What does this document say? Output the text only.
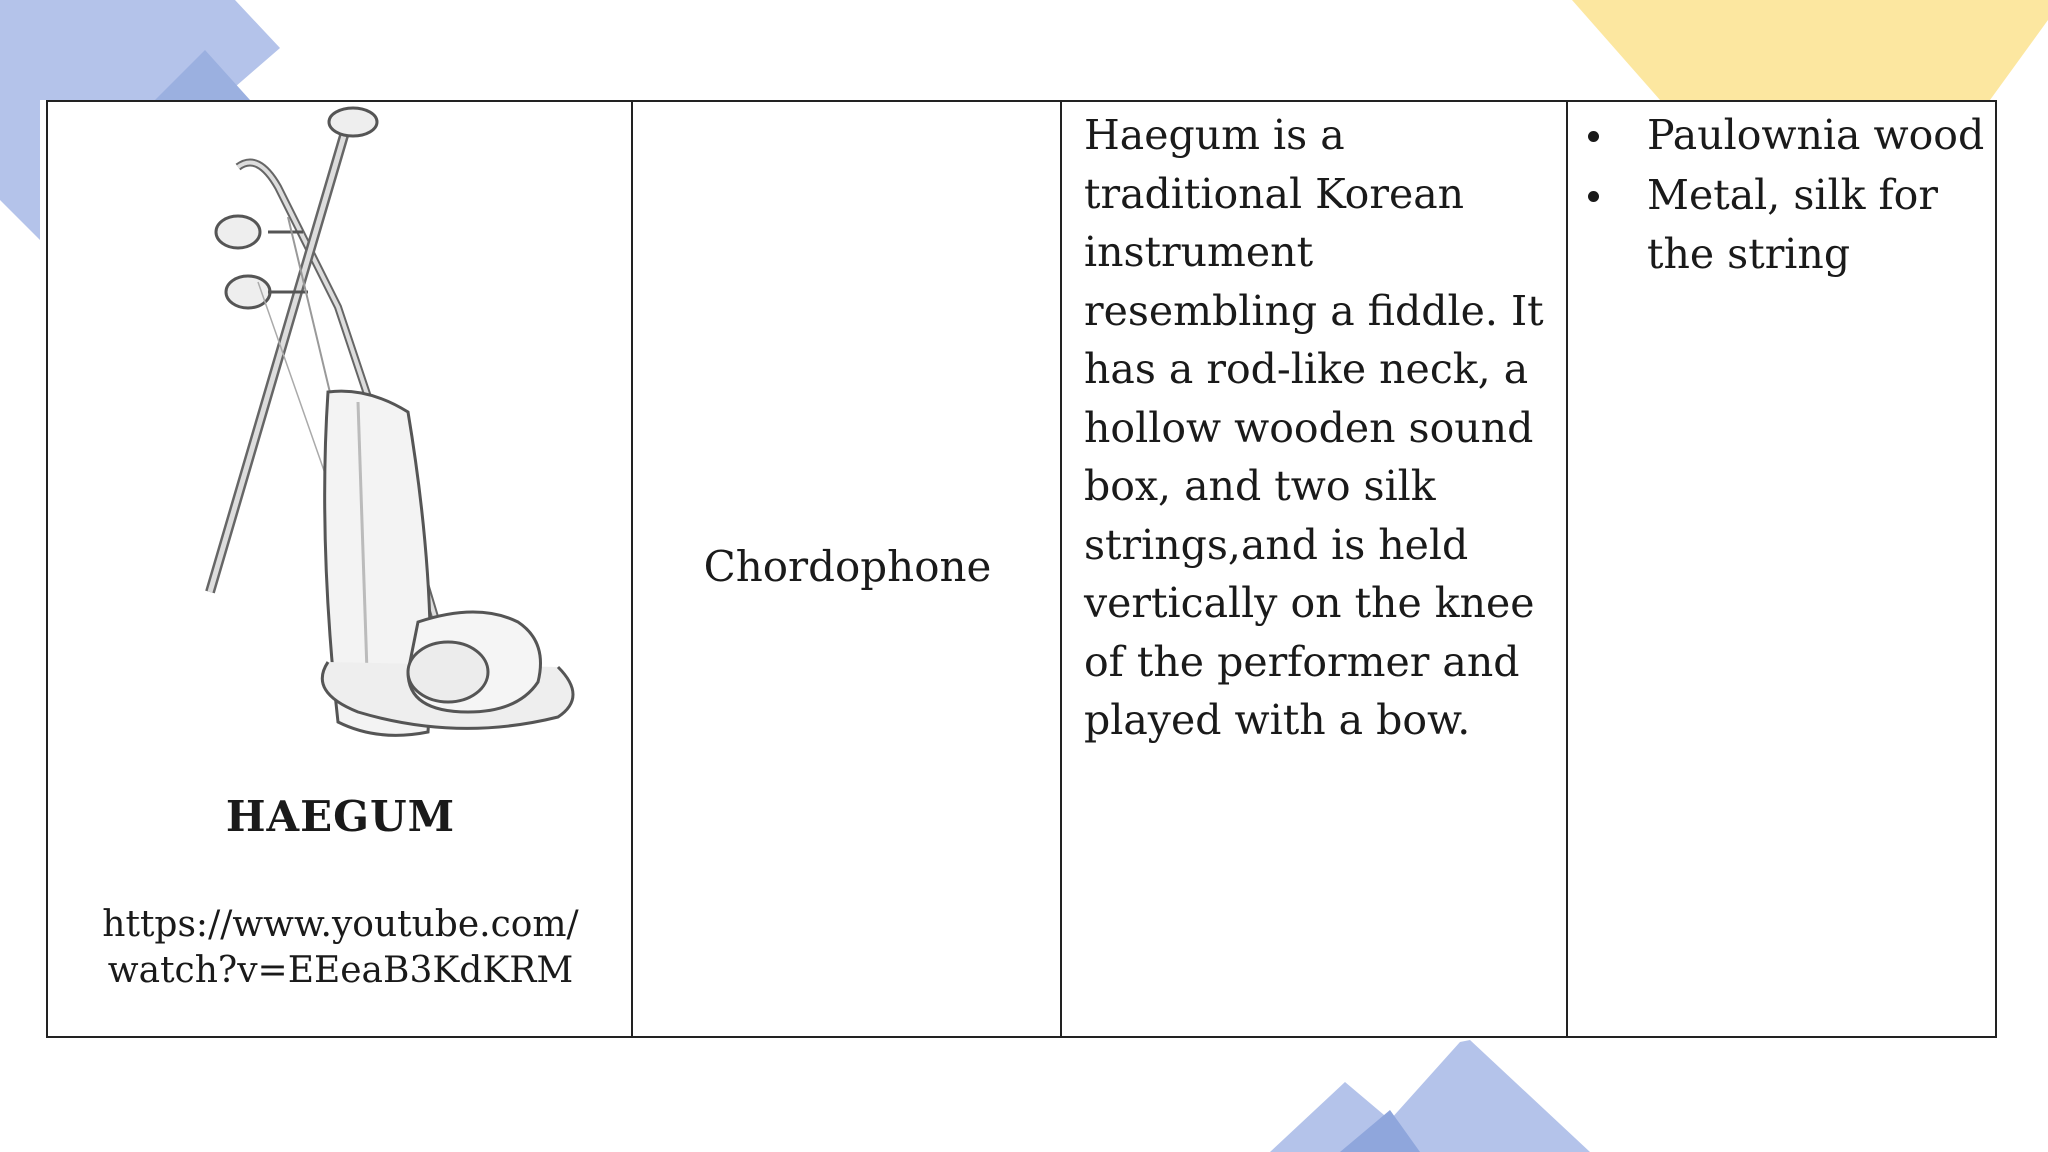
HAEGUM
https://www.youtube.com/
watch?v=EEeaB3KdKRM
Chordophone
Haegum is a traditional Korean instrument resembling a fiddle. It has a rod-like neck, a hollow wooden sound box, and two silk strings,and is held vertically on the knee of the performer and played with a bow.
Paulownia wood
Metal, silk for the string
